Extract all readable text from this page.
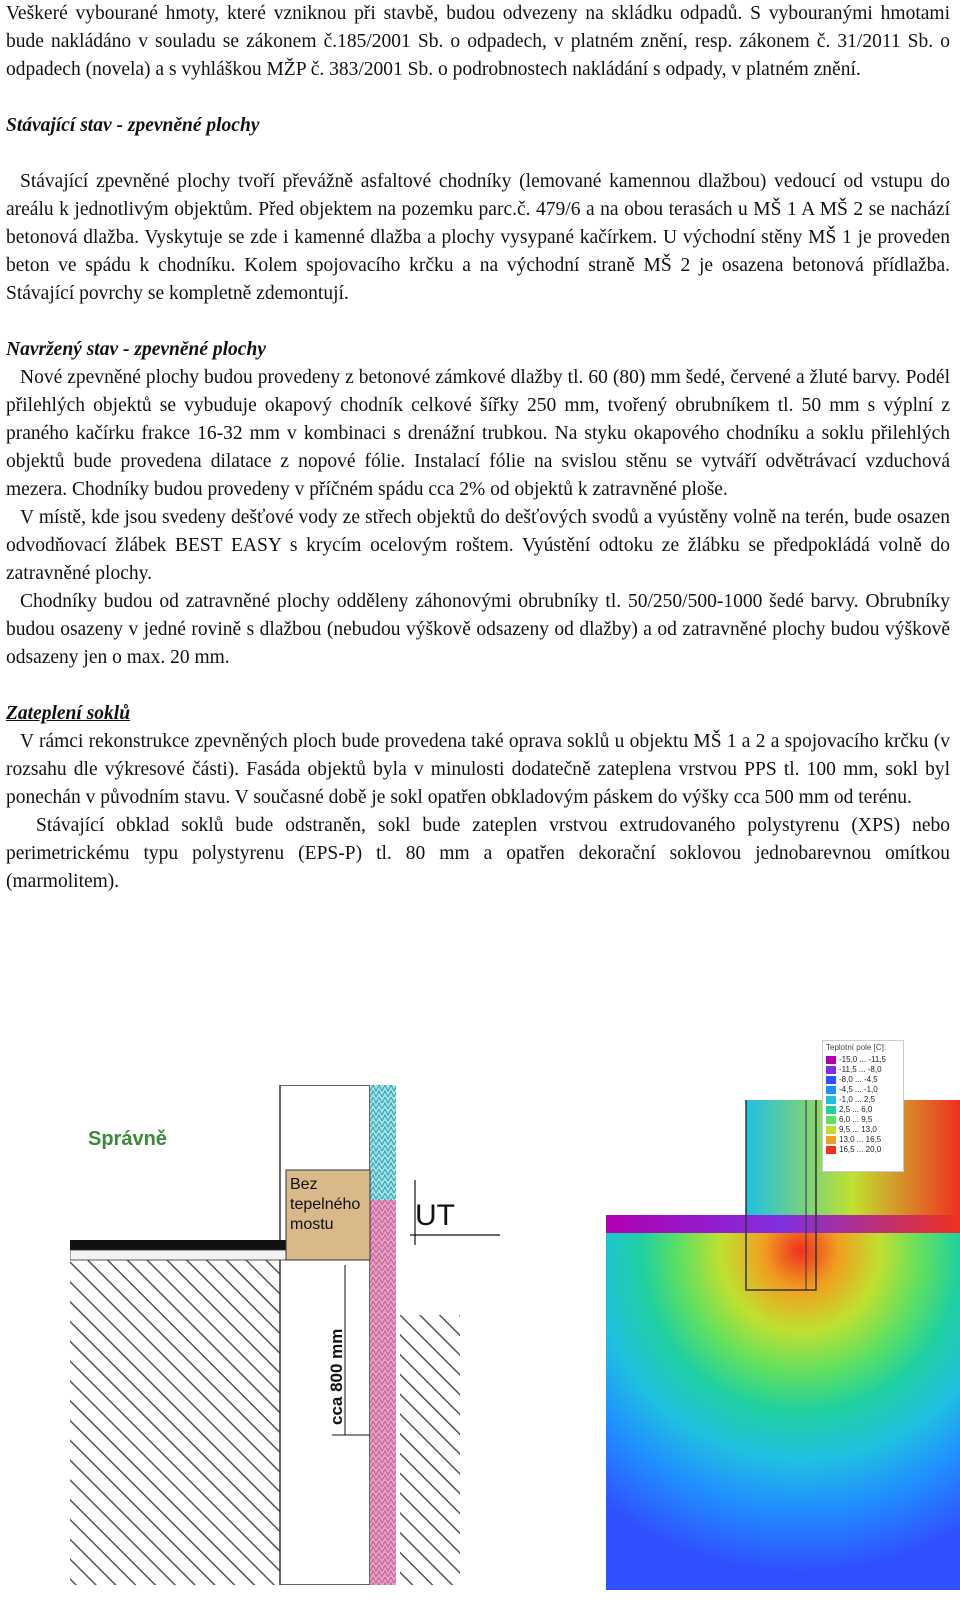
Veškeré vybourané hmoty, které vzniknou při stavbě, budou odvezeny na skládku odpadů. S vybouranými hmotami bude nakládáno v souladu se zákonem č.185/2001 Sb. o odpadech, v platném znění, resp. zákonem č. 31/2011 Sb. o odpadech (novela) a s vyhláškou MŽP č. 383/2001 Sb. o podrobnostech nakládání s odpady, v platném znění.

Stávající stav - zpevněné plochy

Stávající zpevněné plochy tvoří převážně asfaltové chodníky (lemované kamennou dlažbou) vedoucí od vstupu do areálu k jednotlivým objektům. Před objektem na pozemku parc.č. 479/6 a na obou terasách u MŠ 1 A MŠ 2 se nachází betonová dlažba. Vyskytuje se zde i kamenné dlažba a plochy vysypané kačírkem. U východní stěny MŠ 1 je proveden beton ve spádu k chodníku. Kolem spojovacího krčku a na východní straně MŠ 2 je osazena betonová přídlažba. Stávající povrchy se kompletně zdemontují.

Navržený stav - zpevněné plochy

Nové zpevněné plochy budou provedeny z betonové zámkové dlažby tl. 60 (80) mm šedé, červené a žluté barvy. Podél přilehlých objektů se vybuduje okapový chodník celkové šířky 250 mm, tvořený obrubníkem tl. 50 mm s výplní z praného kačírku frakce 16-32 mm v kombinaci s drenážní trubkou. Na styku okapového chodníku a soklu přilehlých objektů bude provedena dilatace z nopové fólie. Instalací fólie na svislou stěnu se vytváří odvětrávací vzduchová mezera. Chodníky budou provedeny v příčném spádu cca 2% od objektů k zatravněné ploše.

V místě, kde jsou svedeny dešťové vody ze střech objektů do dešťových svodů a vyústěny volně na terén, bude osazen odvodňovací žlábek BEST EASY s krycím ocelovým roštem. Vyústění odtoku ze žlábku se předpokládá volně do zatravněné plochy.

Chodníky budou od zatravněné plochy odděleny záhonovými obrubníky tl. 50/250/500-1000 šedé barvy. Obrubníky budou osazeny v jedné rovině s dlažbou (nebudou výškově odsazeny od dlažby) a od zatravněné plochy budou výškově odsazeny jen o max. 20 mm.

Zateplení soklů

V rámci rekonstrukce zpevněných ploch bude provedena také oprava soklů u objektu MŠ 1 a 2 a spojovacího krčku (v rozsahu dle výkresové části). Fasáda objektů byla v minulosti dodatečně zateplena vrstvou PPS tl. 100 mm, sokl byl ponechán v původním stavu. V současné době je sokl opatřen obkladovým páskem do výšky cca 500 mm od terénu.

Stávající obklad soklů bude odstraněn, sokl bude zateplen vrstvou extrudovaného polystyrenu (XPS) nebo perimetrickému typu polystyrenu (EPS-P) tl. 80 mm a opatřen dekorační soklovou jednobarevnou omítkou (marmolitem).

Bez
tepelného
mostu
Správně
UT
cca 800 mm
Teplotní pole [C]:
-15,0 ... -11,5
-11,5 ... -8,0
-8,0 ... -4,5
-4,5 ... -1,0
-1,0 ... 2,5
2,5 ... 6,0
6,0 ... 9,5
9,5 ... 13,0
13,0 ... 16,5
16,5 ... 20,0
